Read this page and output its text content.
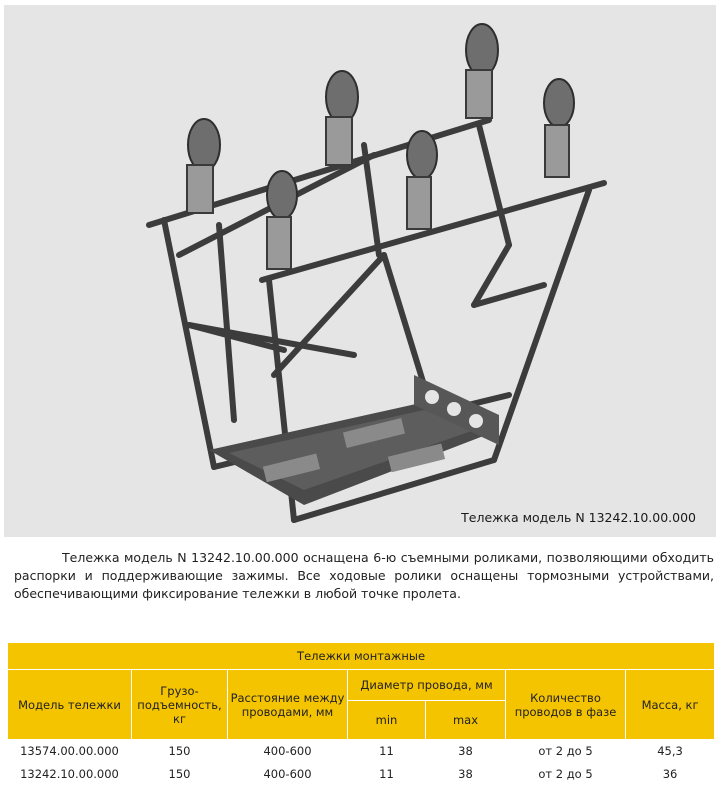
Тележка модель N 13242.10.00.000
Тележка модель N 13242.10.00.000 оснащена 6-ю съемными роликами, позволяющими обходить распорки и поддерживающие зажимы. Все ходовые ролики оснащены тормозными устройствами, обеспечивающими фиксирование тележки в любой точке пролета.
Тележки монтажные						
Модель тележки	Грузо-подъемность, кг	Расстояние между проводами, мм	Диаметр провода, мм		Количество проводов в фазе	Масса, кг
			min	max		
13574.00.00.000	150	400-600	11	38	от 2 до 5	45,3
13242.10.00.000	150	400-600	11	38	от 2 до 5	36
